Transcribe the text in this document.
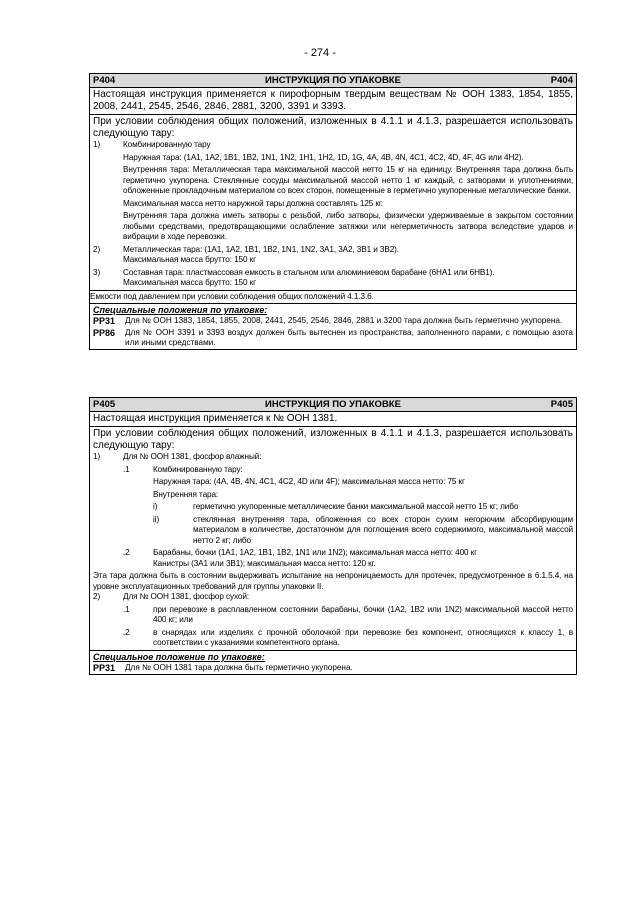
- 274 -
P404	ИНСТРУКЦИЯ ПО УПАКОВКЕ	P404
Настоящая инструкция применяется к пирофорным твердым веществам № ООН 1383, 1854, 1855, 2008, 2441, 2545, 2546, 2846, 2881, 3200, 3391 и 3393.
При условии соблюдения общих положений, изложенных в 4.1.1 и 4.1.3, разрешается использовать следующую тару:
1)	Комбинированную тару
Наружная тара: (1A1, 1A2, 1B1, 1B2, 1N1, 1N2, 1H1, 1H2, 1D, 1G, 4A, 4B, 4N, 4C1, 4C2, 4D, 4F, 4G или 4H2).
Внутренняя тара: Металлическая тара максимальной массой нетто 15 кг на единицу. Внутренняя тара должна быть герметично укупорена. Стеклянные сосуды максимальной массой нетто 1 кг каждый, с затворами и уплотнениями, обложенные прокладочным материалом со всех сторон, помещенные в герметично укупоренные металлические банки.
Максимальная масса нетто наружной тары должна составлять 125 кг.
Внутренняя тара должна иметь затворы с резьбой, либо затворы, физически удерживаемые в закрытом состоянии любыми средствами, предотвращающими ослабление затяжки или негерметичность затвора вследствие ударов и вибрации в ходе перевозки.
2)	Металлическая тара: (1A1, 1A2, 1B1, 1B2, 1N1, 1N2, 3A1, 3A2, 3B1 и 3B2).
Максимальная масса брутто: 150 кг
3)	Составная тара: пластмассовая емкость в стальном или алюминиевом барабане (6HA1 или 6HB1).
Максимальная масса брутто: 150 кг
Емкости под давлением при условии соблюдения общих положений 4.1.3.6.
Специальные положения по упаковке:
PP31	Для № ООН 1383, 1854, 1855, 2008, 2441, 2545, 2546, 2846, 2881 и 3200 тара должна быть герметично укупорена.
PP86	Для № ООН 3391 и 3393 воздух должен быть вытеснен из пространства, заполненного парами, с помощью азота или иными средствами.
P405	ИНСТРУКЦИЯ ПО УПАКОВКЕ	P405
Настоящая инструкция применяется к № ООН 1381.
При условии соблюдения общих положений, изложенных в 4.1.1 и 4.1.3, разрешается использовать следующую тару:
1)	Для № ООН 1381, фосфор влажный:
.1	Комбинированную тару:
Наружная тара: (4A, 4B, 4N, 4C1, 4C2, 4D или 4F); максимальная масса нетто: 75 кг
Внутренняя тара:
i)	герметично укупоренные металлические банки максимальной массой нетто 15 кг; либо
ii)	стеклянная внутренняя тара, обложенная со всех сторон сухим негорючим абсорбирующим материалом в количестве, достаточном для поглощения всего содержимого, максимальной массой нетто 2 кг; либо
.2	Барабаны, бочки (1A1, 1A2, 1B1, 1B2, 1N1 или 1N2); максимальная масса нетто: 400 кг
Канистры (3A1 или 3B1); максимальная масса нетто: 120 кг.
Эта тара должна быть в состоянии выдерживать испытание на непроницаемость для протечек, предусмотренное в 6.1.5.4, на уровне эксплуатационных требований для группы упаковки II.
2)	Для № ООН 1381, фосфор сухой:
.1	при перевозке в расплавленном состоянии барабаны, бочки (1A2, 1B2 или 1N2) максимальной массой нетто 400 кг; или
.2	в снарядах или изделиях с прочной оболочкой при перевозке без компонент, относящихся к классу 1, в соответствии с указаниями компетентного органа.
Специальное положение по упаковке:
PP31	Для № ООН 1381 тара должна быть герметично укупорена.
